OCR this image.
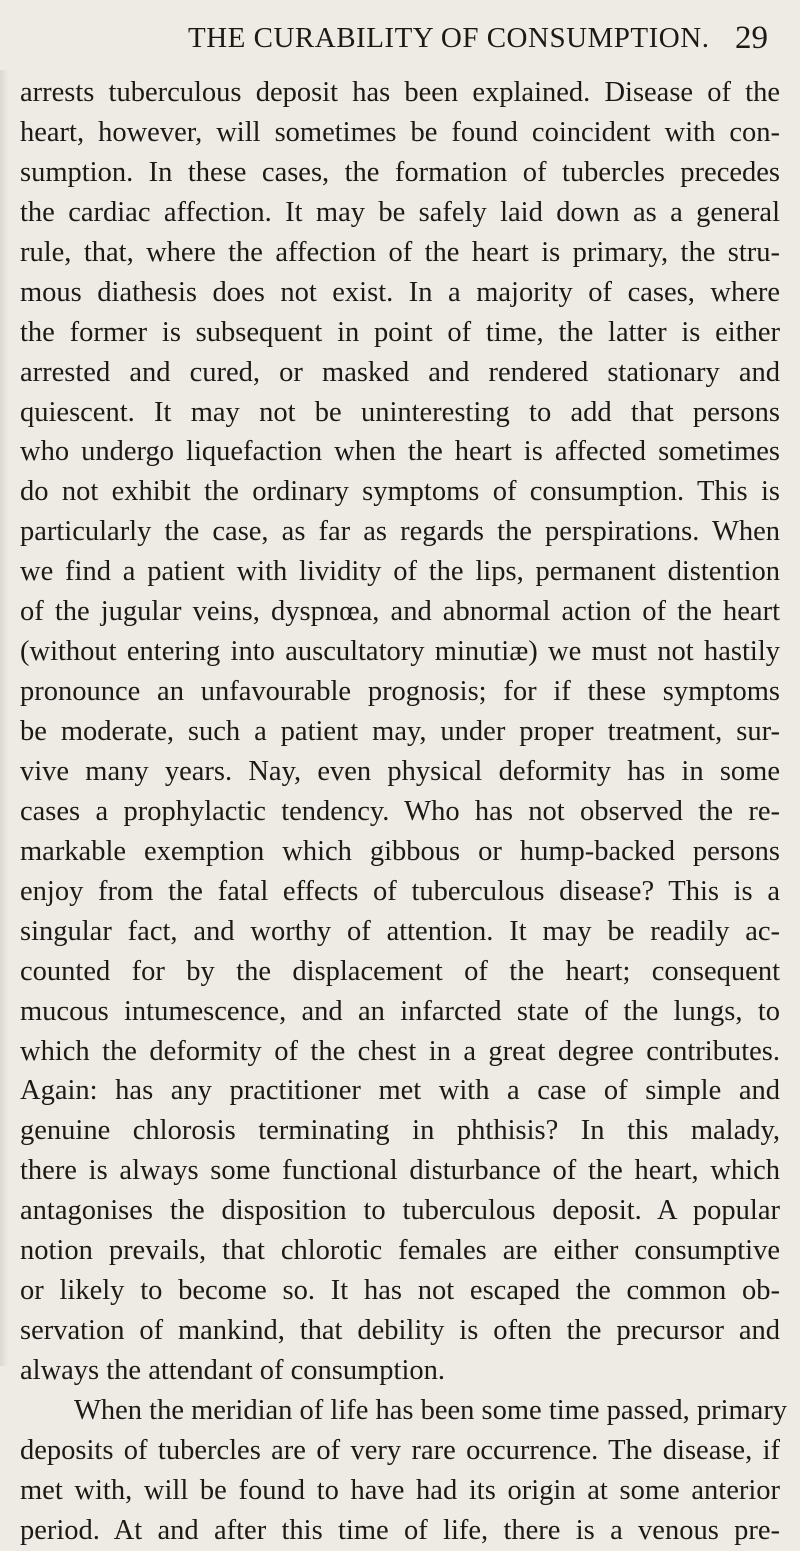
THE CURABILITY OF CONSUMPTION. 29
arrests tuberculous deposit has been explained. Disease of the
heart, however, will sometimes be found coincident with con-
sumption. In these cases, the formation of tubercles precedes
the cardiac affection. It may be safely laid down as a general
rule, that, where the affection of the heart is primary, the stru-
mous diathesis does not exist. In a majority of cases, where
the former is subsequent in point of time, the latter is either
arrested and cured, or masked and rendered stationary and
quiescent. It may not be uninteresting to add that persons
who undergo liquefaction when the heart is affected sometimes
do not exhibit the ordinary symptoms of consumption. This is
particularly the case, as far as regards the perspirations. When
we find a patient with lividity of the lips, permanent distention
of the jugular veins, dyspnœa, and abnormal action of the heart
(without entering into auscultatory minutiæ) we must not hastily
pronounce an unfavourable prognosis; for if these symptoms
be moderate, such a patient may, under proper treatment, sur-
vive many years. Nay, even physical deformity has in some
cases a prophylactic tendency. Who has not observed the re-
markable exemption which gibbous or hump-backed persons
enjoy from the fatal effects of tuberculous disease? This is a
singular fact, and worthy of attention. It may be readily ac-
counted for by the displacement of the heart; consequent
mucous intumescence, and an infarcted state of the lungs, to
which the deformity of the chest in a great degree contributes.
Again: has any practitioner met with a case of simple and
genuine chlorosis terminating in phthisis? In this malady,
there is always some functional disturbance of the heart, which
antagonises the disposition to tuberculous deposit. A popular
notion prevails, that chlorotic females are either consumptive
or likely to become so. It has not escaped the common ob-
servation of mankind, that debility is often the precursor and
always the attendant of consumption.
When the meridian of life has been some time passed, primary
deposits of tubercles are of very rare occurrence. The disease, if
met with, will be found to have had its origin at some anterior
period. At and after this time of life, there is a venous pre-
